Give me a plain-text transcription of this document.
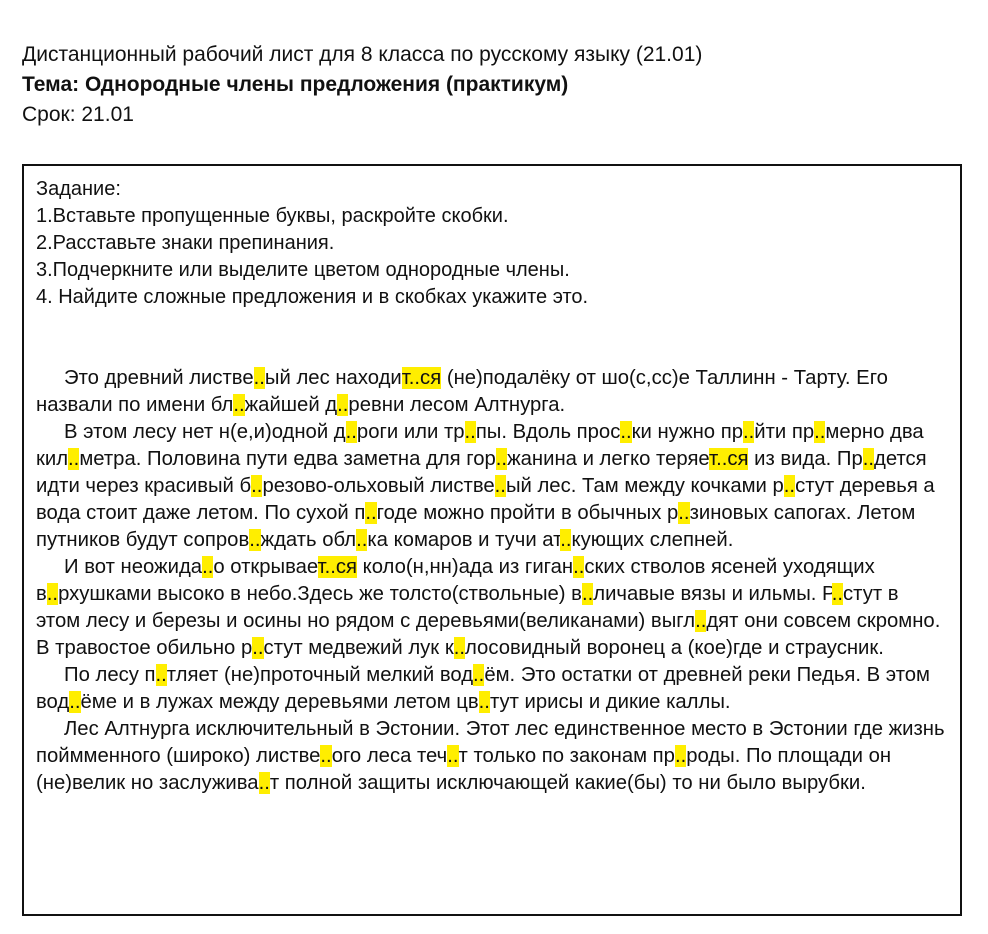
Дистанционный рабочий лист для 8 класса по русскому языку (21.01)
Тема: Однородные члены предложения (практикум)
Срок: 21.01
Задание:
1.Вставьте пропущенные буквы, раскройте скобки.
2.Расставьте знаки препинания.
3.Подчеркните или выделите цветом однородные члены.
4. Найдите сложные предложения и в скобках укажите это.

Это древний листве..ый лес находит..ся (не)подалёку от шо(с,сс)е Таллинн - Тарту. Его назвали по имени бл..жайшей д..ревни лесом Алтнурга.

В этом лесу нет н(е,и)одной д..роги или тр..пы. Вдоль прос..ки нужно пр..йти пр..мерно два кил..метра. Половина пути едва заметна для гор..жанина и легко теряет..ся из вида. Пр..дется идти через красивый б..резово-ольховый листве..ый лес. Там между кочками р..стут деревья а вода стоит даже летом. По сухой п..годе можно пройти в обычных р..зиновых сапогах. Летом путников будут сопров..ждать обл..ка комаров и тучи ат..кующих слепней.

И вот неожида..о открывает..ся коло(н,нн)ада из гиган..ских стволов ясеней уходящих в..рхушками высоко в небо.Здесь же толсто(ствольные) в..личавые вязы и ильмы. Р..стут в этом лесу и березы и осины но рядом с деревьями(великанами) выгл..дят они совсем скромно. В травостое обильно р..стут медвежий лук к..лосовидный воронец а (кое)где и страусник.

По лесу п..тляет (не)проточный мелкий вод..ём. Это остатки от древней реки Педья. В этом вод..ёме и в лужах между деревьями летом цв..тут ирисы и дикие каллы.

Лес Алтнурга исключительный в Эстонии. Этот лес единственное место в Эстонии где жизнь поймменного (широко) листве..ого леса теч..т только по законам пр..роды. По площади он (не)велик но заслужива..т полной защиты исключающей какие(бы) то ни было вырубки.
